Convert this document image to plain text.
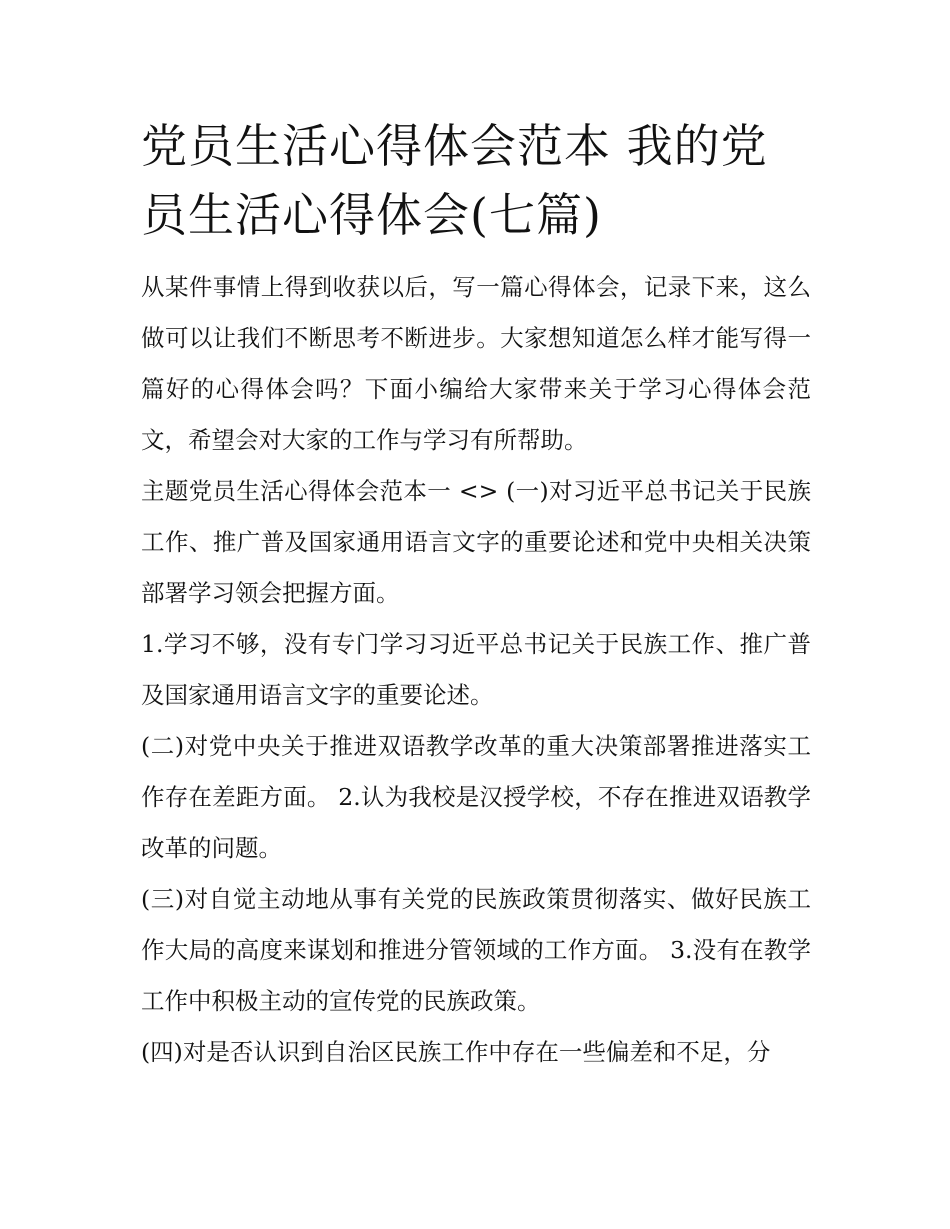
党员生活心得体会范本 我的党员生活心得体会(七篇)

从某件事情上得到收获以后，写一篇心得体会，记录下来，这么做可以让我们不断思考不断进步。大家想知道怎么样才能写得一篇好的心得体会吗？下面小编给大家带来关于学习心得体会范文，希望会对大家的工作与学习有所帮助。

主题党员生活心得体会范本一 <> (一)对习近平总书记关于民族工作、推广普及国家通用语言文字的重要论述和党中央相关决策部署学习领会把握方面。

1.学习不够，没有专门学习习近平总书记关于民族工作、推广普及国家通用语言文字的重要论述。

(二)对党中央关于推进双语教学改革的重大决策部署推进落实工作存在差距方面。 2.认为我校是汉授学校，不存在推进双语教学改革的问题。

(三)对自觉主动地从事有关党的民族政策贯彻落实、做好民族工作大局的高度来谋划和推进分管领域的工作方面。 3.没有在教学工作中积极主动的宣传党的民族政策。

(四)对是否认识到自治区民族工作中存在一些偏差和不足，分
